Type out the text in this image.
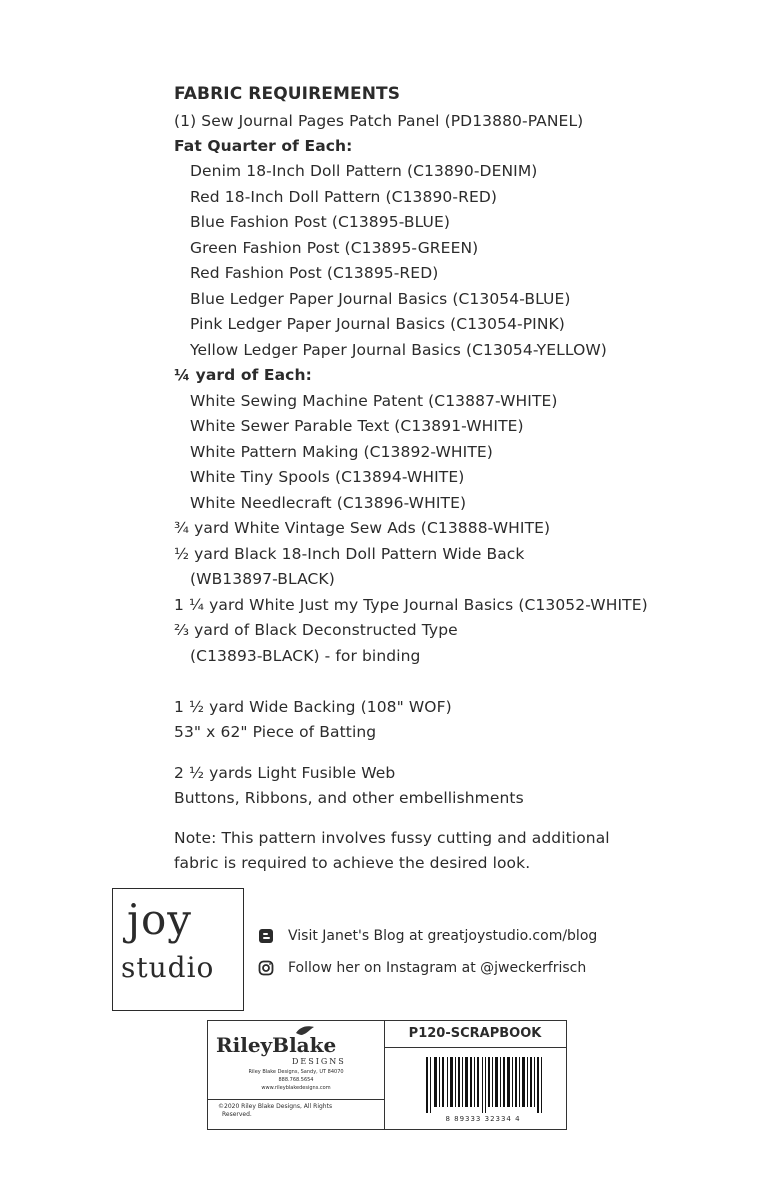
FABRIC REQUIREMENTS
(1) Sew Journal Pages Patch Panel (PD13880-PANEL)
Fat Quarter of Each:
Denim 18-Inch Doll Pattern (C13890-DENIM)
Red 18-Inch Doll Pattern (C13890-RED)
Blue Fashion Post (C13895-BLUE)
Green Fashion Post (C13895-GREEN)
Red Fashion Post (C13895-RED)
Blue Ledger Paper Journal Basics (C13054-BLUE)
Pink Ledger Paper Journal Basics (C13054-PINK)
Yellow Ledger Paper Journal Basics (C13054-YELLOW)
¼ yard of Each:
White Sewing Machine Patent (C13887-WHITE)
White Sewer Parable Text (C13891-WHITE)
White Pattern Making (C13892-WHITE)
White Tiny Spools (C13894-WHITE)
White Needlecraft (C13896-WHITE)
¾ yard White Vintage Sew Ads (C13888-WHITE)
½ yard Black 18-Inch Doll Pattern Wide Back
(WB13897-BLACK)
1 ¼ yard White Just my Type Journal Basics (C13052-WHITE)
⅔ yard of Black Deconstructed Type
(C13893-BLACK) - for binding
1 ½ yard Wide Backing (108" WOF)
53" x 62" Piece of Batting
2 ½ yards Light Fusible Web
Buttons, Ribbons, and other embellishments
Note: This pattern involves fussy cutting and additional
fabric is required to achieve the desired look.
joy
studio
Visit Janet's Blog at greatjoystudio.com/blog
Follow her on Instagram at @jweckerfrisch
RileyBlake
DESIGNS
Riley Blake Designs, Sandy, UT 84070
888.768.5654
www.rileyblakedesigns.com
©2020 Riley Blake Designs, All Rights
Reserved.
P120-SCRAPBOOK
8 89333 32334 4
